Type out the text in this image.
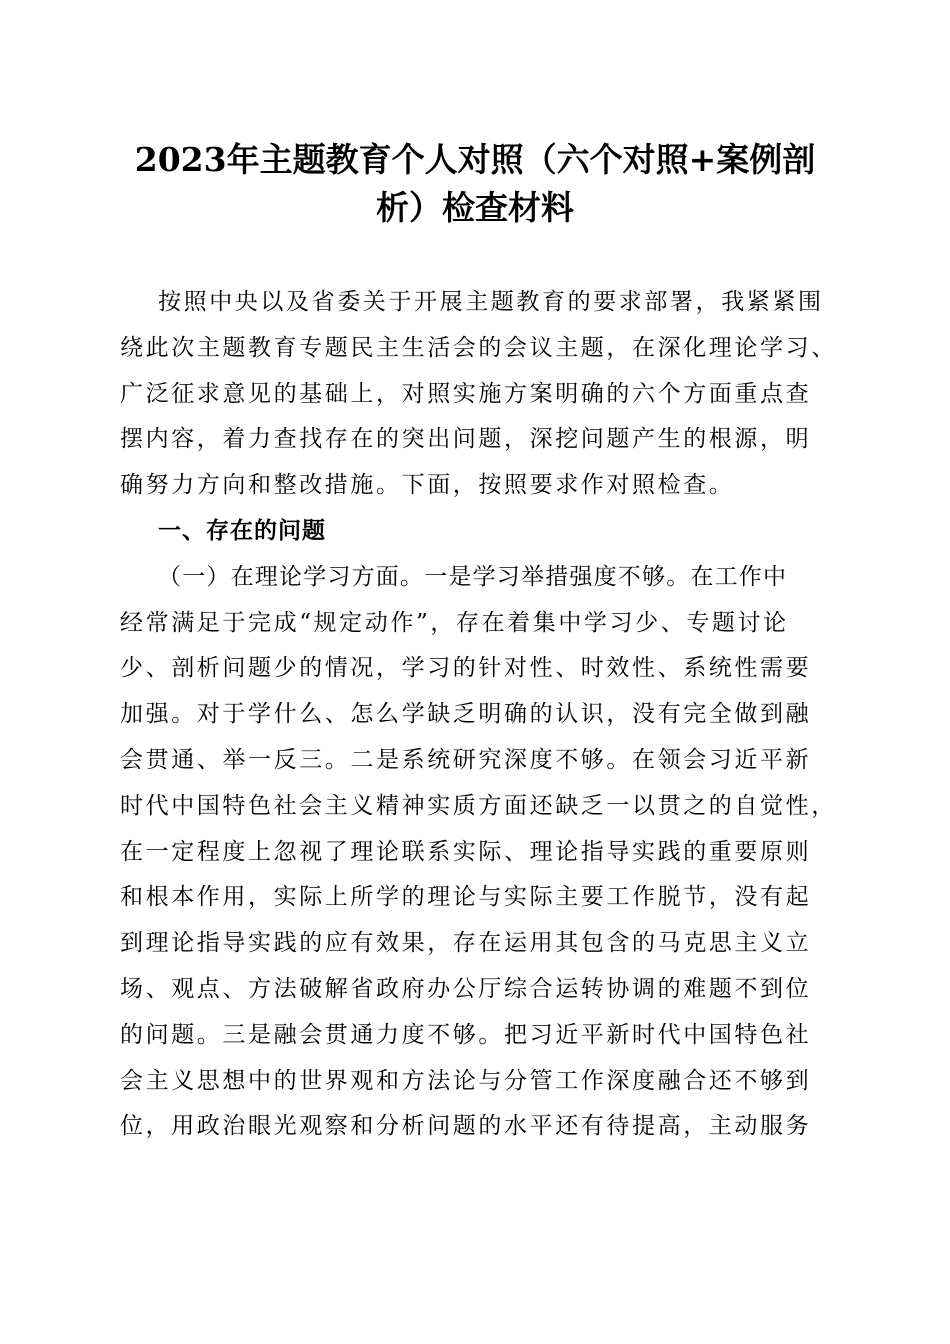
2023年主题教育个人对照（六个对照+案例剖
析）检查材料
按照中央以及省委关于开展主题教育的要求部署，我紧紧围
绕此次主题教育专题民主生活会的会议主题，在深化理论学习、
广泛征求意见的基础上，对照实施方案明确的六个方面重点查
摆内容，着力查找存在的突出问题，深挖问题产生的根源，明
确努力方向和整改措施。下面，按照要求作对照检查。
一、存在的问题
（一）在理论学习方面。一是学习举措强度不够。在工作中
经常满足于完成“规定动作”，存在着集中学习少、专题讨论
少、剖析问题少的情况，学习的针对性、时效性、系统性需要
加强。对于学什么、怎么学缺乏明确的认识，没有完全做到融
会贯通、举一反三。二是系统研究深度不够。在领会习近平新
时代中国特色社会主义精神实质方面还缺乏一以贯之的自觉性，
在一定程度上忽视了理论联系实际、理论指导实践的重要原则
和根本作用，实际上所学的理论与实际主要工作脱节，没有起
到理论指导实践的应有效果，存在运用其包含的马克思主义立
场、观点、方法破解省政府办公厅综合运转协调的难题不到位
的问题。三是融会贯通力度不够。把习近平新时代中国特色社
会主义思想中的世界观和方法论与分管工作深度融合还不够到
位，用政治眼光观察和分析问题的水平还有待提高，主动服务
